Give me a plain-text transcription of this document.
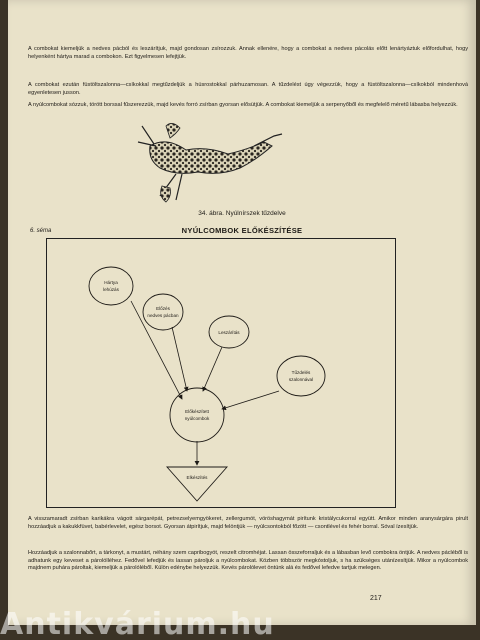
A combokat kiemeljük a nedves pácból és leszárítjuk, majd gondosan zsírozzuk. Annak ellenére, hogy a combokat a nedves pácolás előtt lenártyáztuk előfordulhat, hogy helyenként hártya marad a combokon. Ezt figyelmesen lefejtjük.

A combokat ezután füstöltszalonna—csíkokkal megtűzdeljük a húsrostokkal párhuzamosan. A tűzdelést úgy végezzük, hogy a füstöltszalonna—csíkokból mindenhová egyenletesen jusson.

A nyúlcombokat sózzuk, törött borssal fűszerezzük, majd kevés forró zsírban gyorsan elősütjük. A combokat kiemeljük a serpenyőből és megfelelő méretű lábasba helyezzük.

34. ábra. Nyúlnírszek tűzdelve
6. séma	NYÚLCOMBOK ELŐKÉSZÍTÉSE
Hártya
lehúzás
Előzés
nedves pácban
Leszárítás
Tűzdelés
szalonnával
Előkészített
nyúlcombok
Elkészítés

A visszamaradt zsírban karikákra vágott sárgarépát, petrezselyemgyökeret, zellergumót, vöröshagymát pirítunk kristálycukorral együtt. Amikor minden aranysárgára pirult hozzáadjuk a kakukkfüvet, babérlevelet, egész borsot. Gyorsan átpirítjuk, majd felöntjük — nyúlcsontokból főzött — csontlével és fehér borral. Sóval ízesítjük.

Hozzáadjuk a szalonnabőrt, a tárkonyt, a mustárt, néhány szem capribogyót, reszelt citromhéjat. Lassan összeforraljuk és a lábasban levő combokra öntjük. A nedves pácléből is adhatunk egy keveset a párolólléhez. Fedővel lefedjük és lassan pároljuk a nyúlcombokat. Közben többször megkóstoljuk, s ha szükséges utánízesítjük. Mikor a nyúlcombok majdnem puhára pároltak, kiemeljük a párolóléből. Külön edénybe helyezzük. Kevés párolólevet öntünk alá és fedővel lefedve tartjuk melegen.

217
Antikvárium.hu
